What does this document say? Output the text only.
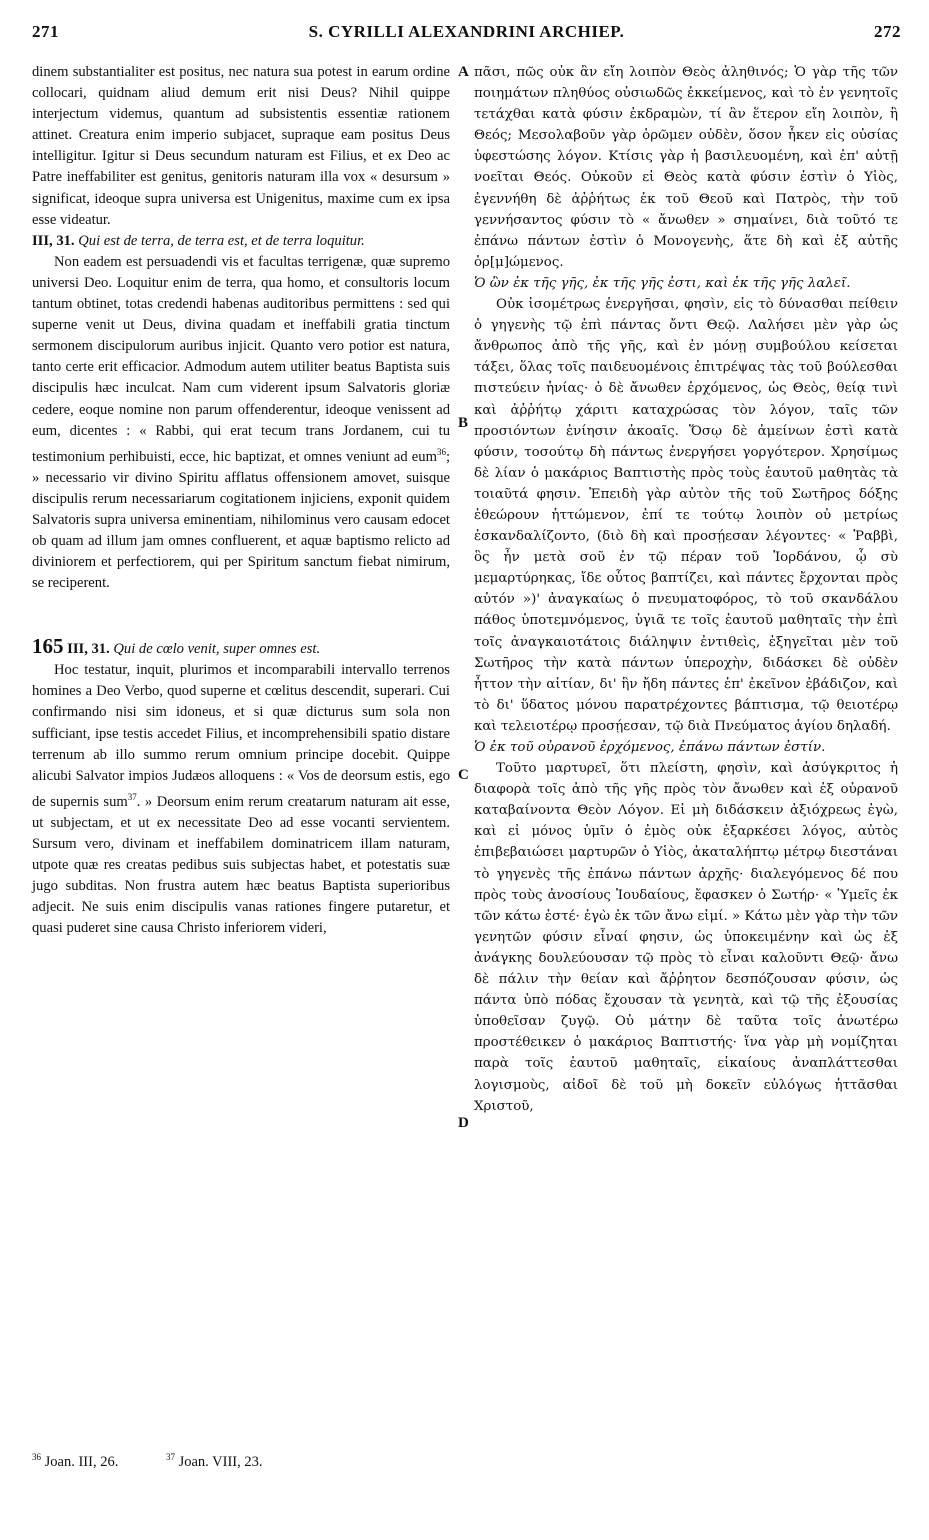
271	S. CYRILLI ALEXANDRINI ARCHIEP.	272
A
B
C
D

dinem substantialiter est positus, nec natura sua potest in earum ordine collocari, quidnam aliud demum erit nisi Deus? Nihil quippe interjectum videmus, quantum ad subsistentis essentiæ rationem attinet. Creatura enim imperio subjacet, supraque eam positus Deus intelligitur. Igitur si Deus secundum naturam est Filius, et ex Deo ac Patre ineffabiliter est genitus, genitoris naturam illa vox « desursum » significat, ideoque supra universa est Unigenitus, maxime cum ex ipsa esse videatur.

III, 31. Qui est de terra, de terra est, et de terra loquitur.

Non eadem est persuadendi vis et facultas terrigenæ, quæ supremo universi Deo. Loquitur enim de terra, qua homo, et consultoris locum tantum obtinet, totas credendi habenas auditoribus permittens : sed qui superne venit ut Deus, divina quadam et ineffabili gratia tinctum sermonem discipulorum auribus injicit. Quanto vero potior est natura, tanto certe erit efficacior. Admodum autem utiliter beatus Baptista suis discipulis hæc inculcat. Nam cum viderent ipsum Salvatoris gloriæ cedere, eoque nomine non parum offenderentur, ideoque venissent ad eum, dicentes : « Rabbi, qui erat tecum trans Jordanem, cui tu testimonium perhibuisti, ecce, hic baptizat, et omnes veniunt ad eum$^{36}$; » necessario vir divino Spiritu afflatus offensionem amovet, suisque discipulis rerum necessariarum cogitationem injiciens, exponit quidem Salvatoris supra universa eminentiam, nihilominus vero causam edocet ob quam ad illum jam omnes confluerent, et aquæ baptismo relicto ad diviniorem et perfectiorem, qui per Spiritum sanctum fiebat nimirum, se reciperent.

165 III, 31. Qui de cœlo venit, super omnes est.

Hoc testatur, inquit, plurimos et incomparabili intervallo terrenos homines a Deo Verbo, quod superne et cœlitus descendit, superari. Cui confirmando nisi sim idoneus, et si quæ dicturus sum sola non sufficiant, ipse testis accedet Filius, et incomprehensibili spatio distare terrenum ab illo summo rerum omnium principe docebit. Quippe alicubi Salvator impios Judæos alloquens : « Vos de deorsum estis, ego de supernis sum$^{37}$. » Deorsum enim rerum creatarum naturam ait esse, ut subjectam, et ut ex necessitate Deo ad esse vocanti servientem. Sursum vero, divinam et ineffabilem dominatricem illam naturam, utpote quæ res creatas pedibus suis subjectas habet, et potestatis suæ jugo subditas. Non frustra autem hæc beatus Baptista superioribus adjecit. Ne suis enim discipulis vanas rationes fingere putaretur, et quasi puderet sine causa Christo inferiorem videri,

πᾶσι, πῶς οὐκ ἂν εἴη λοιπὸν Θεὸς ἀληθινός; Ὁ γὰρ τῆς τῶν ποιημάτων πληθύος οὐσιωδῶς ἐκκείμενος, καὶ τὸ ἐν γενητοῖς τετάχθαι κατὰ φύσιν ἐκδραμὼν, τί ἂν ἕτερον εἴη λοιπὸν, ἢ Θεός; Μεσολαβοῦν γὰρ ὁρῶμεν οὐδὲν, ὅσον ἧκεν εἰς οὐσίας ὑφεστώσης λόγον. Κτίσις γὰρ ἡ βασιλευομένη, καὶ ἐπ' αὐτῇ νοεῖται Θεός. Οὐκοῦν εἰ Θεὸς κατὰ φύσιν ἐστὶν ὁ Υἱὸς, ἐγεννήθη δὲ ἀῤῥήτως ἐκ τοῦ Θεοῦ καὶ Πατρὸς, τὴν τοῦ γεννήσαντος φύσιν τὸ « ἄνωθεν » σημαίνει, διὰ τοῦτό τε ἐπάνω πάντων ἐστὶν ὁ Μονογενὴς, ἅτε δὴ καὶ ἐξ αὐτῆς ὁρ[μ]ώμενος.

Ὁ ὢν ἐκ τῆς γῆς, ἐκ τῆς γῆς ἐστι, καὶ ἐκ τῆς γῆς λαλεῖ.

Οὐκ ἰσομέτρως ἐνεργῆσαι, φησὶν, εἰς τὸ δύνασθαι πείθειν ὁ γηγενὴς τῷ ἐπὶ πάντας ὄντι Θεῷ. Λαλήσει μὲν γὰρ ὡς ἄνθρωπος ἀπὸ τῆς γῆς, καὶ ἐν μόνῃ συμβούλου κείσεται τάξει, ὅλας τοῖς παιδευομένοις ἐπιτρέψας τὰς τοῦ βούλεσθαι πιστεύειν ἡνίας· ὁ δὲ ἄνωθεν ἐρχόμενος, ὡς Θεὸς, θείᾳ τινὶ καὶ ἀῤῥήτῳ χάριτι καταχρώσας τὸν λόγον, ταῖς τῶν προσιόντων ἐνίησιν ἀκοαῖς. Ὅσῳ δὲ ἀμείνων ἐστὶ κατὰ φύσιν, τοσούτῳ δὴ πάντως ἐνεργήσει γοργότερον. Χρησίμως δὲ λίαν ὁ μακάριος Βαπτιστὴς πρὸς τοὺς ἑαυτοῦ μαθητὰς τὰ τοιαῦτά φησιν. Ἐπειδὴ γὰρ αὐτὸν τῆς τοῦ Σωτῆρος δόξης ἑθεώρουν ἡττώμενον, ἐπί τε τούτῳ λοιπὸν οὐ μετρίως ἐσκανδαλίζοντο, (διὸ δὴ καὶ προσῄεσαν λέγοντες· « Ῥαββὶ, ὃς ἦν μετὰ σοῦ ἐν τῷ πέραν τοῦ Ἰορδάνου, ᾧ σὺ μεμαρτύρηκας, ἴδε οὗτος βαπτίζει, καὶ πάντες ἔρχονται πρὸς αὐτόν »)' ἀναγκαίως ὁ πνευματοφόρος, τὸ τοῦ σκανδάλου πάθος ὑποτεμνόμενος, ὑγιᾶ τε τοῖς ἑαυτοῦ μαθηταῖς τὴν ἐπὶ τοῖς ἀναγκαιοτάτοις διάληψιν ἐντιθεὶς, ἐξηγεῖται μὲν τοῦ Σωτῆρος τὴν κατὰ πάντων ὑπεροχὴν, διδάσκει δὲ οὐδὲν ἧττον τὴν αἰτίαν, δι' ἣν ἤδη πάντες ἐπ' ἐκεῖνον ἐβάδιζον, καὶ τὸ δι' ὕδατος μόνου παρατρέχοντες βάπτισμα, τῷ θειοτέρῳ καὶ τελειοτέρῳ προσῄεσαν, τῷ διὰ Πνεύματος ἁγίου δηλαδή.

Ὁ ἐκ τοῦ οὐρανοῦ ἐρχόμενος, ἐπάνω πάντων ἐστίν.

Τοῦτο μαρτυρεῖ, ὅτι πλείστη, φησὶν, καὶ ἀσύγκριτος ἡ διαφορὰ τοῖς ἀπὸ τῆς γῆς πρὸς τὸν ἄνωθεν καὶ ἐξ οὐρανοῦ καταβαίνοντα Θεὸν Λόγον. Εἰ μὴ διδάσκειν ἀξιόχρεως ἐγὼ, καὶ εἰ μόνος ὑμῖν ὁ ἐμὸς οὐκ ἐξαρκέσει λόγος, αὐτὸς ἐπιβεβαιώσει μαρτυρῶν ὁ Υἱὸς, ἀκαταλήπτῳ μέτρῳ διεστάναι τὸ γηγενὲς τῆς ἐπάνω πάντων ἀρχῆς· διαλεγόμενος δέ που πρὸς τοὺς ἀνοσίους Ἰουδαίους, ἔφασκεν ὁ Σωτήρ· « Ὑμεῖς ἐκ τῶν κάτω ἐστέ· ἐγὼ ἐκ τῶν ἄνω εἰμί. » Κάτω μὲν γὰρ τὴν τῶν γενητῶν φύσιν εἶναί φησιν, ὡς ὑποκειμένην καὶ ὡς ἐξ ἀνάγκης δουλεύουσαν τῷ πρὸς τὸ εἶναι καλοῦντι Θεῷ· ἄνω δὲ πάλιν τὴν θείαν καὶ ἄῤῥητον δεσπόζουσαν φύσιν, ὡς πάντα ὑπὸ πόδας ἔχουσαν τὰ γενητὰ, καὶ τῷ τῆς ἐξουσίας ὑποθεῖσαν ζυγῷ. Οὐ μάτην δὲ ταῦτα τοῖς ἀνωτέρω προστέθεικεν ὁ μακάριος Βαπτιστής· ἵνα γὰρ μὴ νομίζηται παρὰ τοῖς ἑαυτοῦ μαθηταῖς, εἰκαίους ἀναπλάττεσθαι λογισμοὺς, αἰδοῖ δὲ τοῦ μὴ δοκεῖν εὐλόγως ἡττᾶσθαι Χριστοῦ,

$^{36}$ Joan. III, 26.	$^{37}$ Joan. VIII, 23.
